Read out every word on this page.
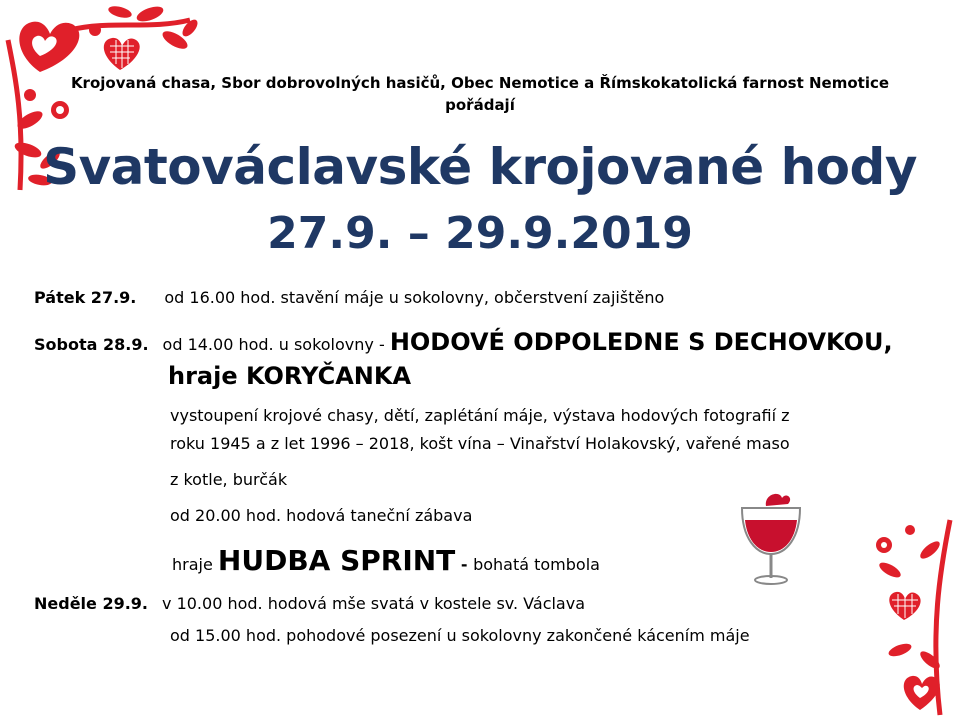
Krojovaná chasa, Sbor dobrovolných hasičů, Obec Nemotice a Římskokatolická farnost Nemotice
pořádají
Svatováclavské krojované hody
27.9. – 29.9.2019
Pátek 27.9. od 16.00 hod. stavění máje u sokolovny, občerstvení zajištěno
Sobota 28.9. od 14.00 hod. u sokolovny - HODOVÉ ODPOLEDNE S DECHOVKOU,
hraje KORYČANKA
vystoupení krojové chasy, dětí, zaplétání máje, výstava hodových fotografií z
roku 1945 a z let 1996 – 2018, košt vína – Vinařství Holakovský, vařené maso
z kotle, burčák
od 20.00 hod. hodová taneční zábava
hraje HUDBA SPRINT - bohatá tombola
Neděle 29.9. v 10.00 hod. hodová mše svatá v kostele sv. Václava
od 15.00 hod. pohodové posezení u sokolovny zakončené kácením máje
